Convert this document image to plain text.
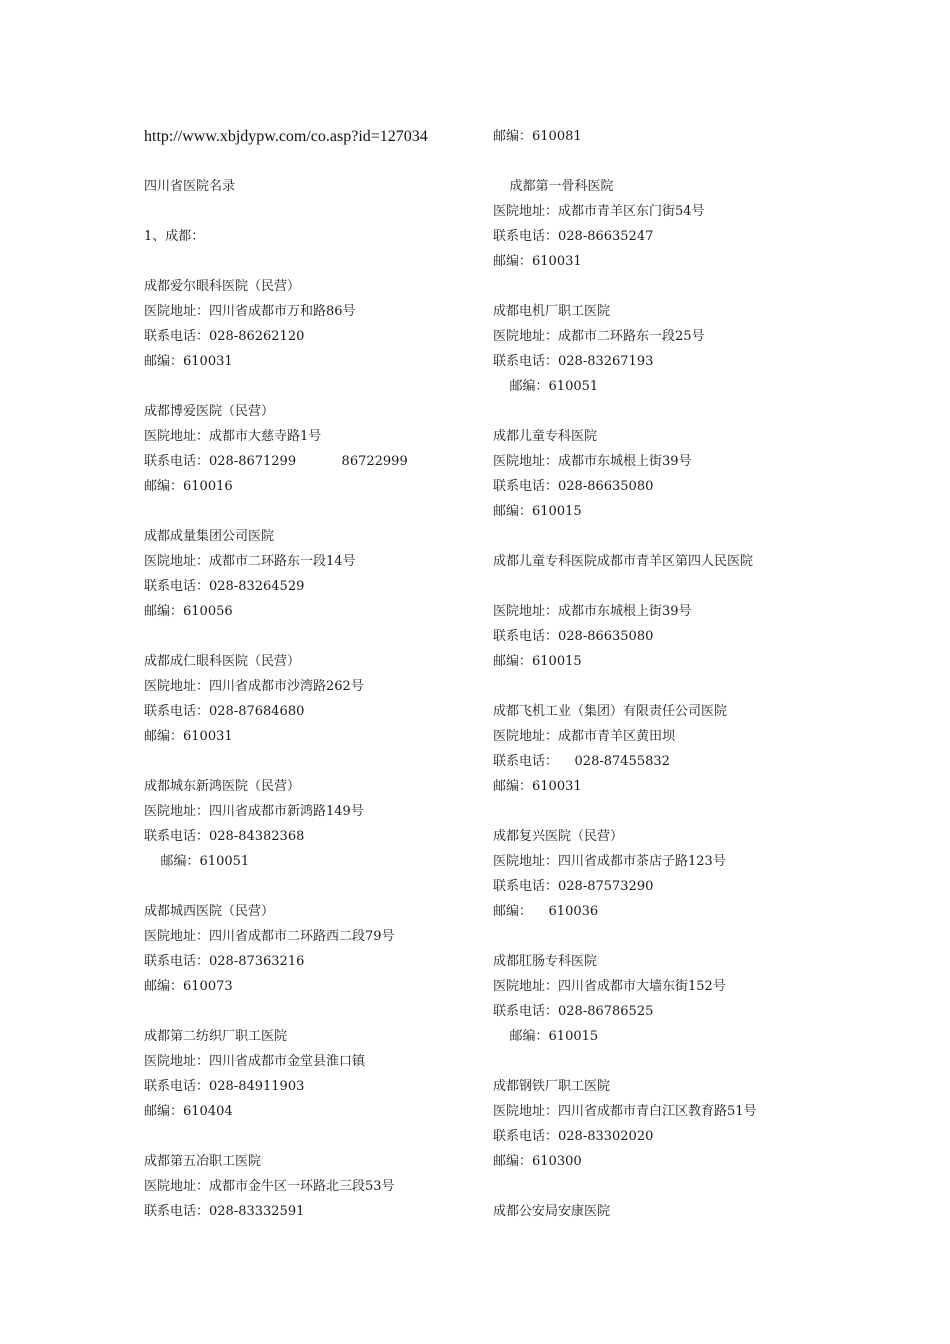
http://www.xbjdypw.com/co.asp?id=127034
四川省医院名录
1、成都：
成都爱尔眼科医院（民营）
医院地址：四川省成都市万和路86号
联系电话：028-86262120
邮编：610031
成都博爱医院（民营）
医院地址：成都市大慈寺路1号
联系电话：028-8671299           86722999
邮编：610016
成都成量集团公司医院
医院地址：成都市二环路东一段14号
联系电话：028-83264529
邮编：610056
成都成仁眼科医院（民营）
医院地址：四川省成都市沙湾路262号
联系电话：028-87684680
邮编：610031
成都城东新鸿医院（民营）
医院地址：四川省成都市新鸿路149号
联系电话：028-84382368
邮编：610051
成都城西医院（民营）
医院地址：四川省成都市二环路西二段79号
联系电话：028-87363216
邮编：610073
成都第二纺织厂职工医院
医院地址：四川省成都市金堂县淮口镇
联系电话：028-84911903
邮编：610404
成都第五冶职工医院
医院地址：成都市金牛区一环路北三段53号
联系电话：028-83332591
邮编：610081
成都第一骨科医院
医院地址：成都市青羊区东门街54号
联系电话：028-86635247
邮编：610031
成都电机厂职工医院
医院地址：成都市二环路东一段25号
联系电话：028-83267193
邮编：610051
成都儿童专科医院
医院地址：成都市东城根上街39号
联系电话：028-86635080
邮编：610015
成都儿童专科医院成都市青羊区第四人民医院
医院地址：成都市东城根上街39号
联系电话：028-86635080
邮编：610015
成都飞机工业（集团）有限责任公司医院
医院地址：成都市青羊区黄田坝
联系电话：    028-87455832
邮编：610031
成都复兴医院（民营）
医院地址：四川省成都市茶店子路123号
联系电话：028-87573290
邮编：    610036
成都肛肠专科医院
医院地址：四川省成都市大墙东街152号
联系电话：028-86786525
邮编：610015
成都钢铁厂职工医院
医院地址：四川省成都市青白江区教育路51号
联系电话：028-83302020
邮编：610300
成都公安局安康医院
